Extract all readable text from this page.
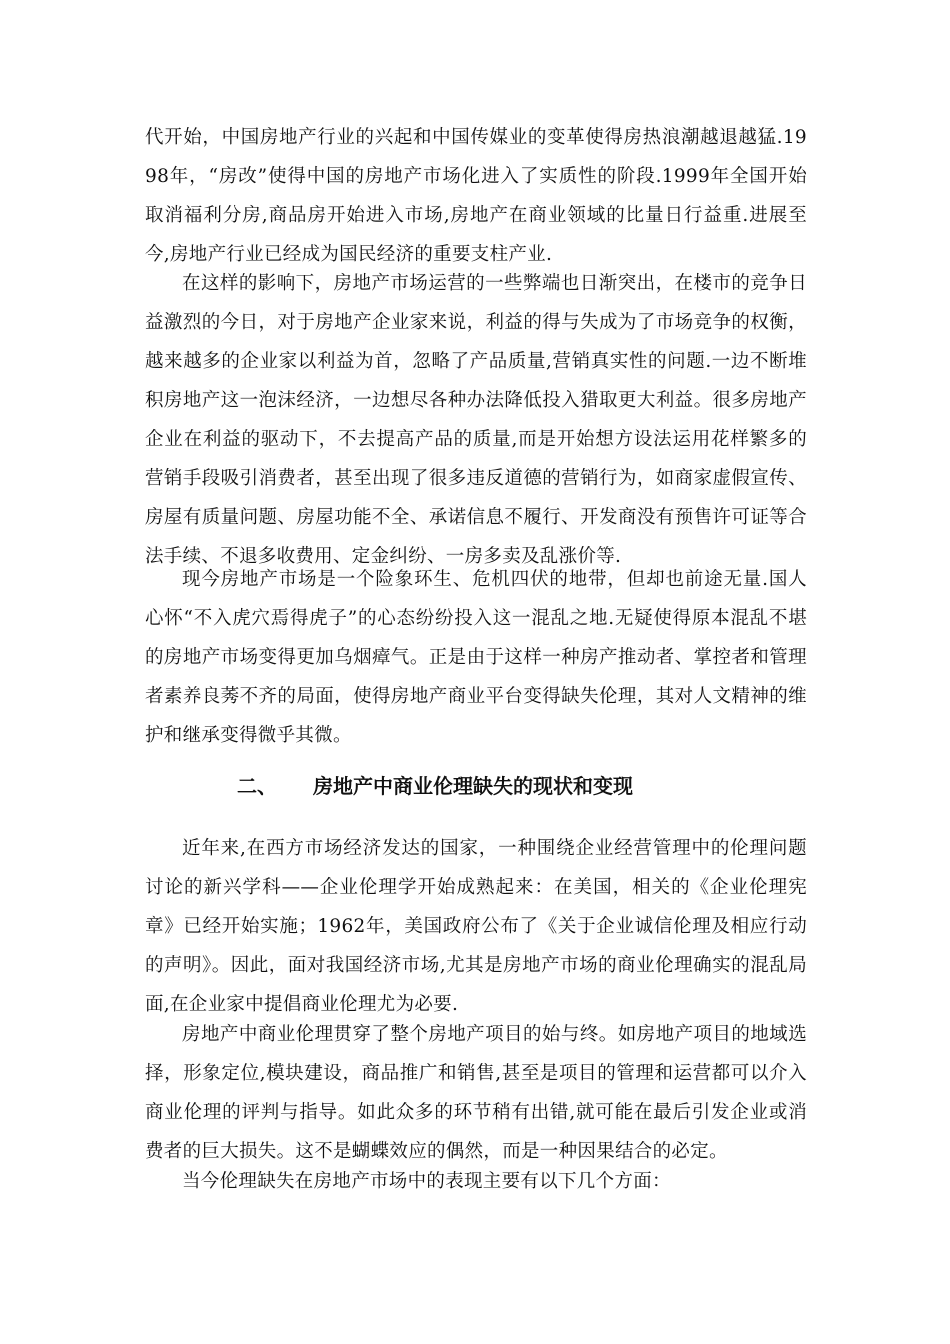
代开始，中国房地产行业的兴起和中国传媒业的变革使得房热浪潮越退越猛.1998年，“房改”使得中国的房地产市场化进入了实质性的阶段.1999年全国开始取消福利分房,商品房开始进入市场,房地产在商业领域的比量日行益重.进展至今,房地产行业已经成为国民经济的重要支柱产业.

在这样的影响下，房地产市场运营的一些弊端也日渐突出，在楼市的竞争日益激烈的今日，对于房地产企业家来说，利益的得与失成为了市场竞争的权衡，越来越多的企业家以利益为首，忽略了产品质量,营销真实性的问题.一边不断堆积房地产这一泡沫经济，一边想尽各种办法降低投入猎取更大利益。很多房地产企业在利益的驱动下，不去提高产品的质量,而是开始想方设法运用花样繁多的营销手段吸引消费者，甚至出现了很多违反道德的营销行为，如商家虚假宣传、房屋有质量问题、房屋功能不全、承诺信息不履行、开发商没有预售许可证等合法手续、不退多收费用、定金纠纷、一房多卖及乱涨价等.

现今房地产市场是一个险象环生、危机四伏的地带，但却也前途无量.国人心怀“不入虎穴焉得虎子”的心态纷纷投入这一混乱之地.无疑使得原本混乱不堪的房地产市场变得更加乌烟瘴气。正是由于这样一种房产推动者、掌控者和管理者素养良莠不齐的局面，使得房地产商业平台变得缺失伦理，其对人文精神的维护和继承变得微乎其微。

二、 房地产中商业伦理缺失的现状和变现

近年来,在西方市场经济发达的国家，一种围绕企业经营管理中的伦理问题讨论的新兴学科——企业伦理学开始成熟起来：在美国，相关的《企业伦理宪章》已经开始实施；1962年，美国政府公布了《关于企业诚信伦理及相应行动的声明》。因此，面对我国经济市场,尤其是房地产市场的商业伦理确实的混乱局面,在企业家中提倡商业伦理尤为必要.

房地产中商业伦理贯穿了整个房地产项目的始与终。如房地产项目的地域选择，形象定位,模块建设，商品推广和销售,甚至是项目的管理和运营都可以介入商业伦理的评判与指导。如此众多的环节稍有出错,就可能在最后引发企业或消费者的巨大损失。这不是蝴蝶效应的偶然，而是一种因果结合的必定。

当今伦理缺失在房地产市场中的表现主要有以下几个方面：
